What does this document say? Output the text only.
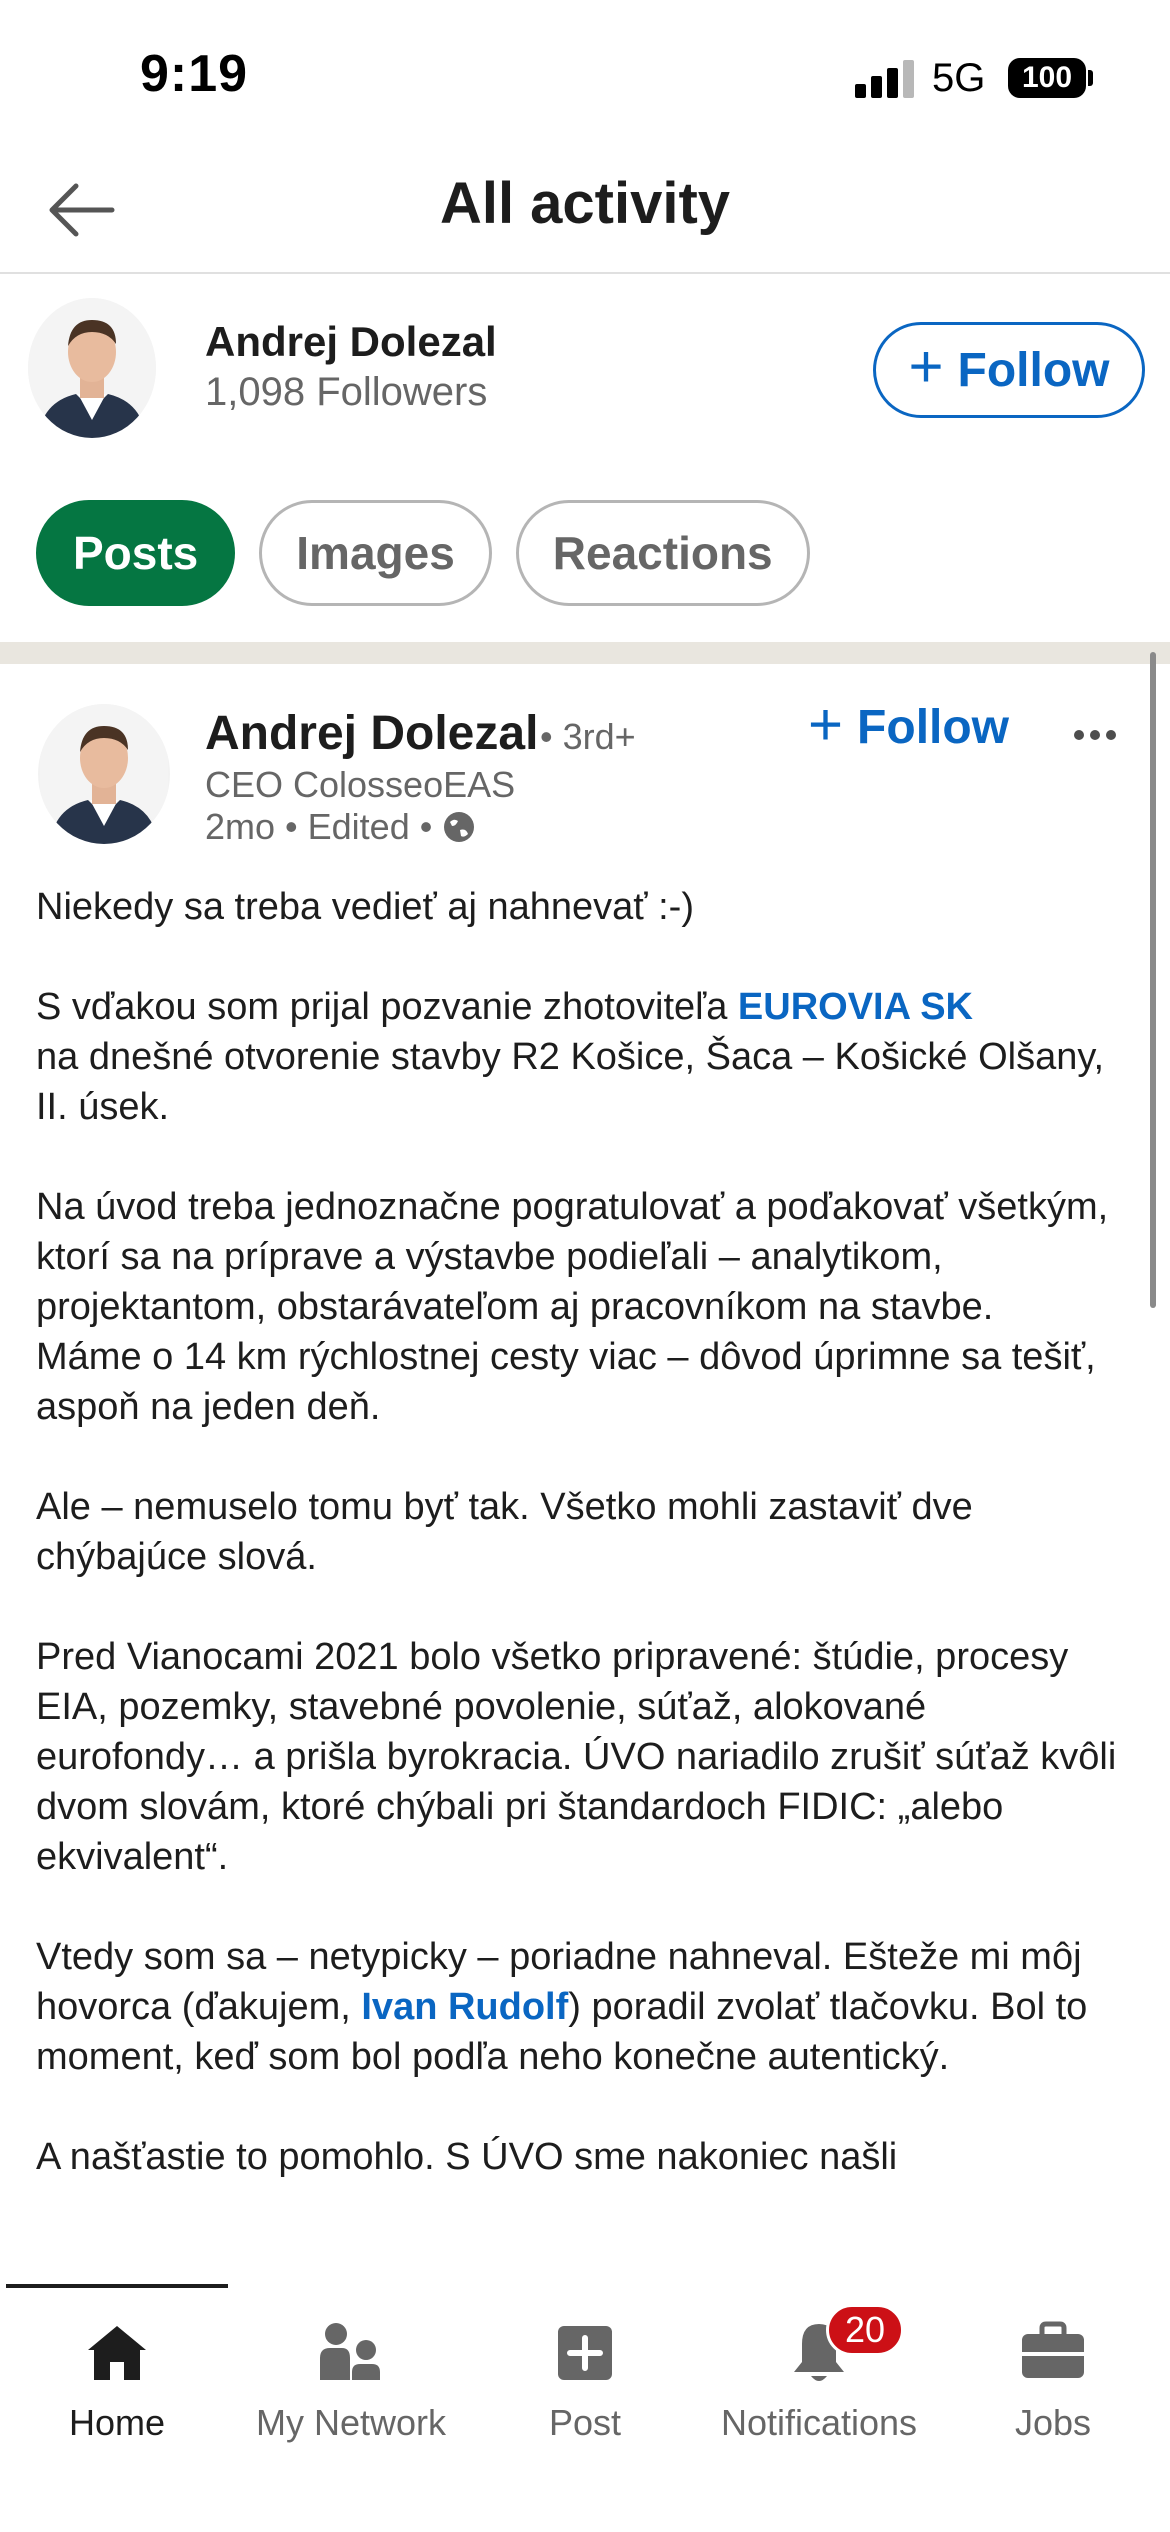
9:19	5G 100
All activity
Andrej Dolezal
1,098 Followers	+ Follow
Posts	Images	Reactions
Andrej Dolezal • 3rd+
CEO ColosseoEAS
2mo • Edited •
+ Follow

Niekedy sa treba vedieť aj nahnevať :-)

S vďakou som prijal pozvanie zhotoviteľa EUROVIA SK
na dnešné otvorenie stavby R2 Košice, Šaca – Košické Olšany, II. úsek.

Na úvod treba jednoznačne pogratulovať a poďakovať všetkým, ktorí sa na príprave a výstavbe podieľali – analytikom, projektantom, obstarávateľom aj pracovníkom na stavbe.
Máme o 14 km rýchlostnej cesty viac – dôvod úprimne sa tešiť, aspoň na jeden deň.

Ale – nemuselo tomu byť tak. Všetko mohli zastaviť dve chýbajúce slová.

Pred Vianocami 2021 bolo všetko pripravené: štúdie, procesy EIA, pozemky, stavebné povolenie, súťaž, alokované eurofondy… a prišla byrokracia. ÚVO nariadilo zrušiť súťaž kvôli dvom slovám, ktoré chýbali pri štandardoch FIDIC: „alebo ekvivalent“.

Vtedy som sa – netypicky – poriadne nahneval. Ešteže mi môj hovorca (ďakujem, Ivan Rudolf) poradil zvolať tlačovku. Bol to moment, keď som bol podľa neho konečne autentický.

A našťastie to pomohlo. S ÚVO sme nakoniec našli

Home	My Network	Post
20
Notifications	Jobs
